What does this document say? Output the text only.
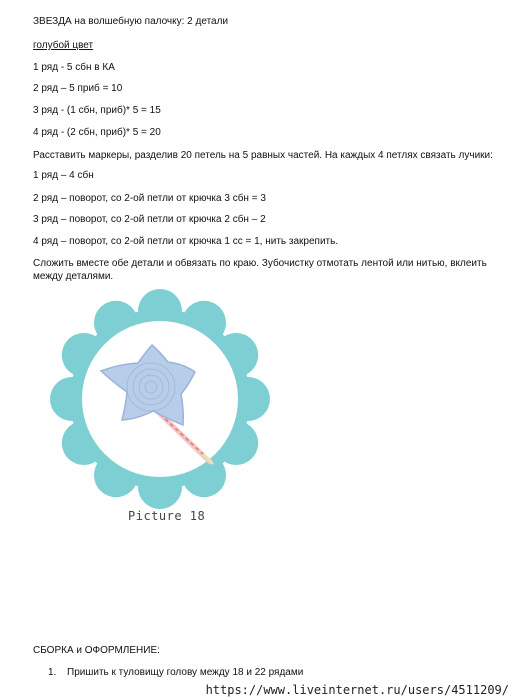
ЗВЕЗДА на волшебную палочку: 2 детали
голубой цвет
1 ряд - 5 сбн в КА
2 ряд – 5 приб = 10
3 ряд - (1 сбн, приб)* 5 = 15
4 ряд - (2 сбн, приб)* 5 = 20
Расставить маркеры, разделив 20 петель на 5 равных частей. На каждых 4 петлях связать лучики:
1 ряд – 4 сбн
2 ряд – поворот, со 2-ой петли от крючка 3 сбн = 3
3 ряд – поворот, со 2-ой петли от крючка 2 сбн – 2
4 ряд – поворот, со 2-ой петли от крючка 1 сс = 1, нить закрепить.
Сложить вместе обе детали и обвязать по краю. Зубочистку отмотать лентой или нитью, вклеить между деталями.
Picture 18
СБОРКА и ОФОРМЛЕНИЕ:
1. Пришить к туловищу голову между 18 и 22 рядами
https://www.liveinternet.ru/users/4511209/
